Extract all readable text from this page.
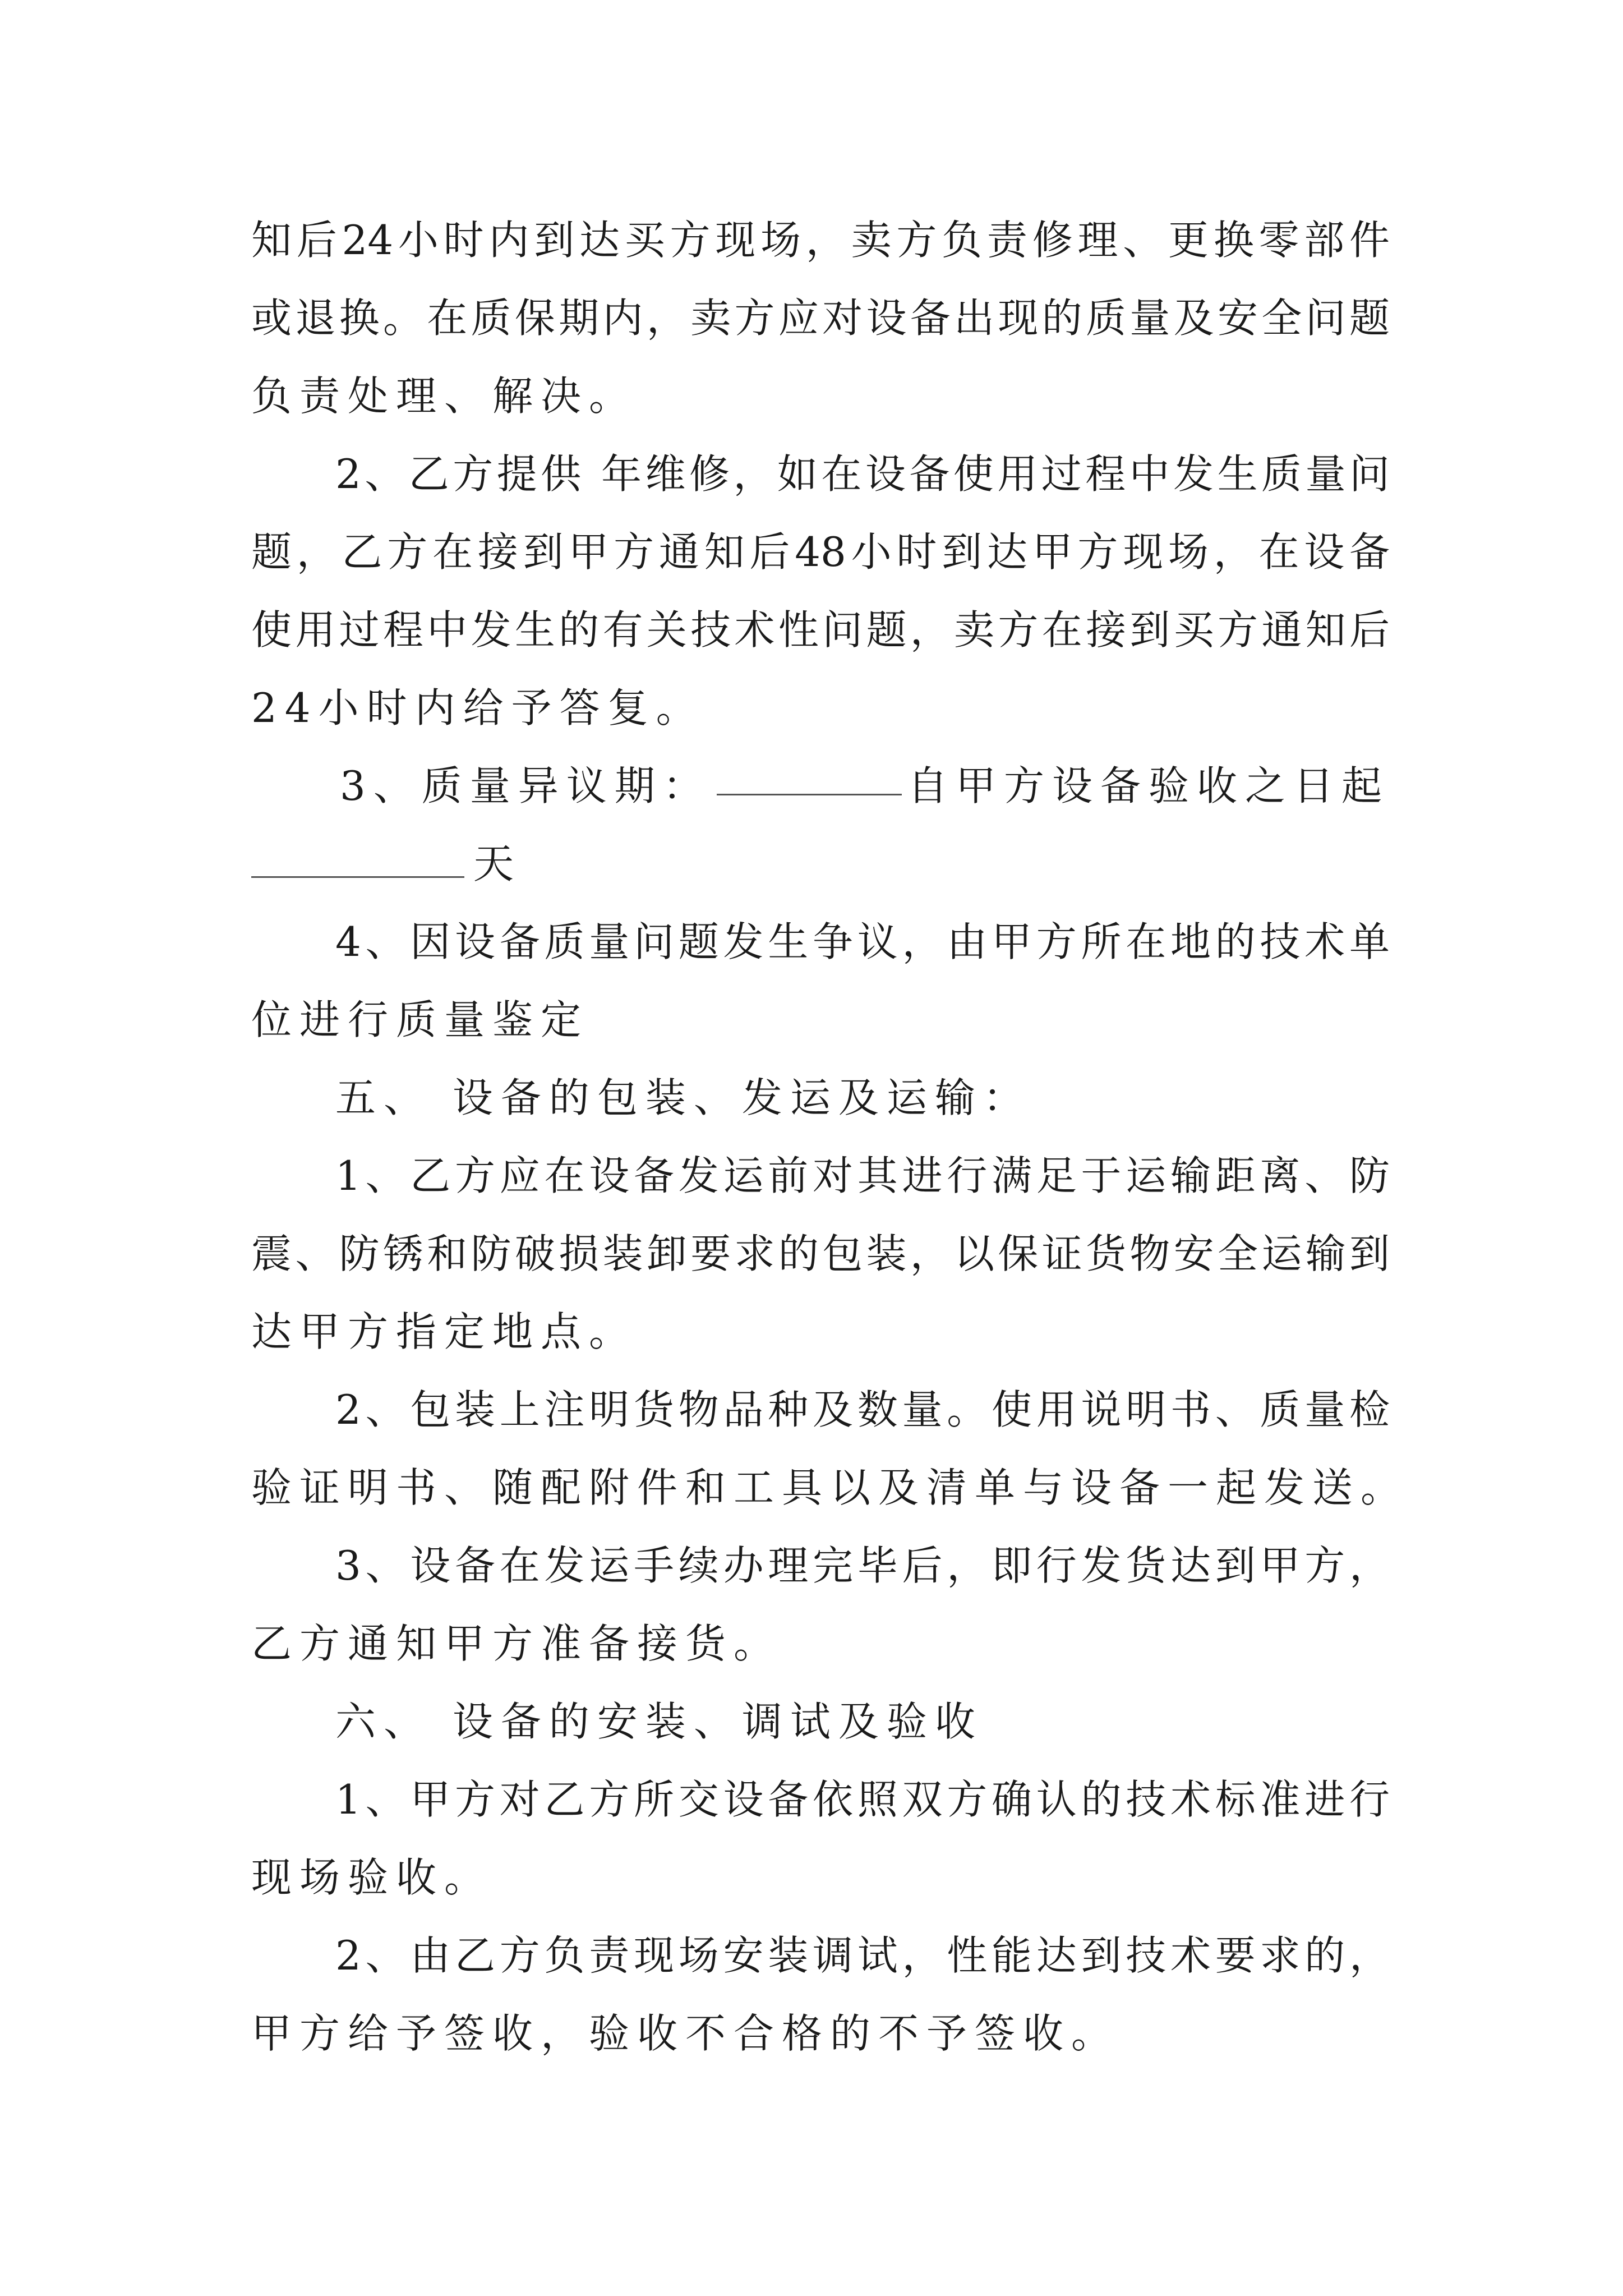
知后24小时内到达买方现场，卖方负责修理、更换零部件
或退换。在质保期内，卖方应对设备出现的质量及安全问题
负责处理、解决。
2、乙方提供 年维修，如在设备使用过程中发生质量问
题，乙方在接到甲方通知后48小时到达甲方现场，在设备
使用过程中发生的有关技术性问题，卖方在接到买方通知后
24小时内给予答复。
3、质量异议期：	自甲方设备验收之日起
天
4、因设备质量问题发生争议，由甲方所在地的技术单
位进行质量鉴定
五、 设备的包装、发运及运输：
1、乙方应在设备发运前对其进行满足于运输距离、防
震、防锈和防破损装卸要求的包装，以保证货物安全运输到
达甲方指定地点。
2、包装上注明货物品种及数量。使用说明书、质量检
验证明书、随配附件和工具以及清单与设备一起发送。
3、设备在发运手续办理完毕后，即行发货达到甲方，
乙方通知甲方准备接货。
六、 设备的安装、调试及验收
1、甲方对乙方所交设备依照双方确认的技术标准进行
现场验收。
2、由乙方负责现场安装调试，性能达到技术要求的，
甲方给予签收，验收不合格的不予签收。
